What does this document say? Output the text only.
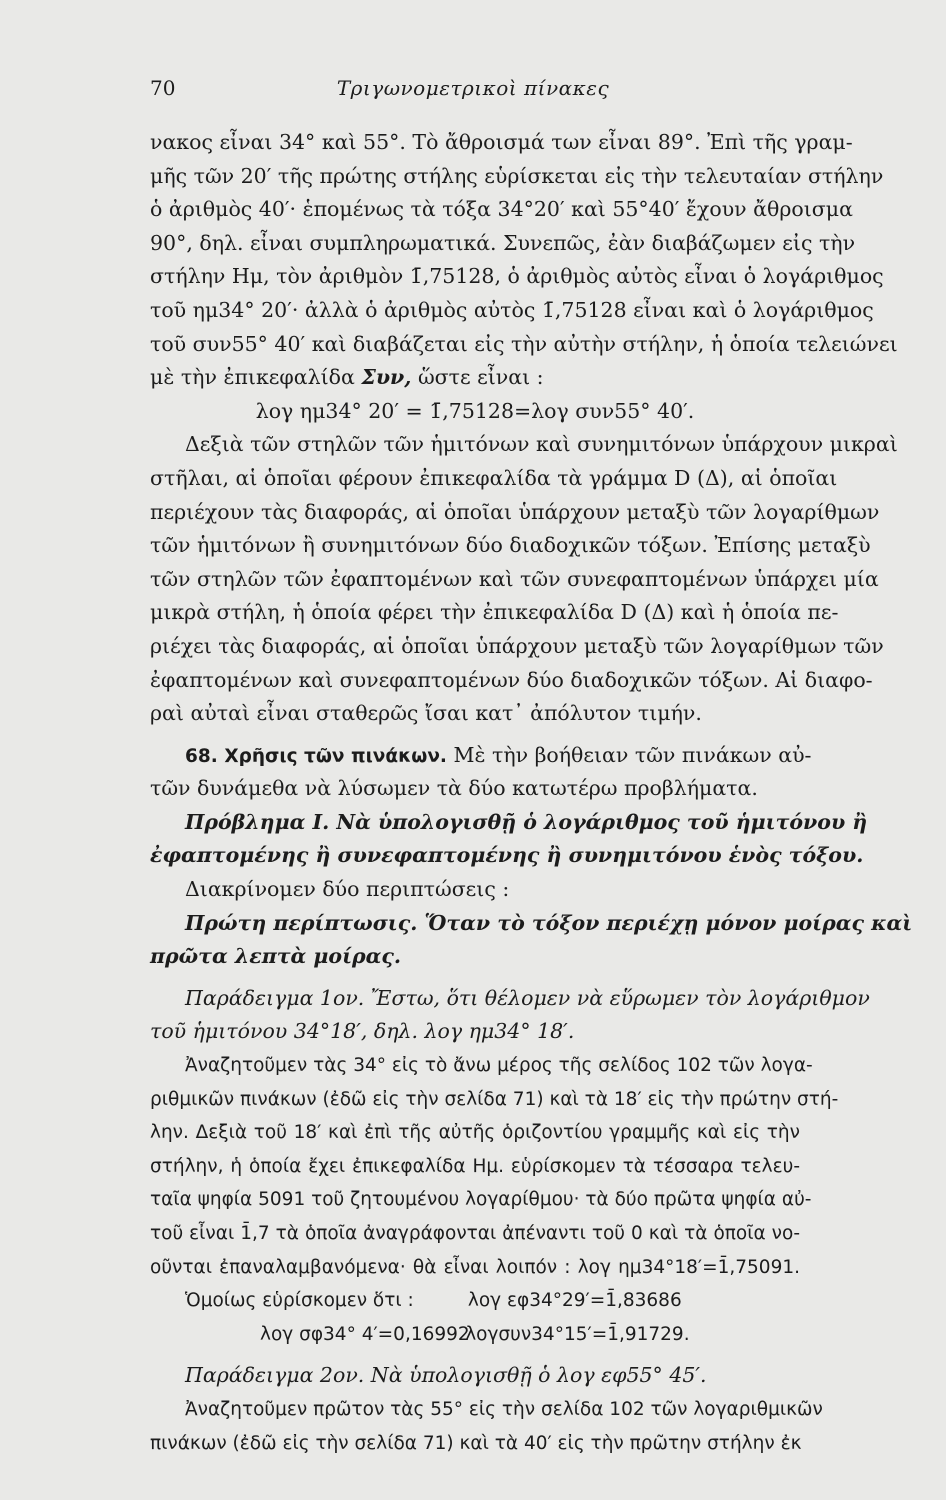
70	Τριγωνομετρικοὶ πίνακες
νακος εἶναι 34° καὶ 55°. Τὸ ἄθροισμά των εἶναι 89°. Ἐπὶ τῆς γραμ-
μῆς τῶν 20′ τῆς πρώτης στήλης εὑρίσκεται εἰς τὴν τελευταίαν στήλην
ὁ ἀριθμὸς 40′· ἑπομένως τὰ τόξα 34°20′ καὶ 55°40′ ἔχουν ἄθροισμα
90°, δηλ. εἶναι συμπληρωματικά. Συνεπῶς, ἐὰν διαβάζωμεν εἰς τὴν
στήλην Ημ, τὸν ἀριθμὸν 1̄,75128, ὁ ἀριθμὸς αὐτὸς εἶναι ὁ λογάριθμος
τοῦ ημ34° 20′· ἀλλὰ ὁ ἀριθμὸς αὐτὸς 1̄,75128 εἶναι καὶ ὁ λογάριθμος
τοῦ συν55° 40′ καὶ διαβάζεται εἰς τὴν αὐτὴν στήλην, ἡ ὁποία τελειώνει
μὲ τὴν ἐπικεφαλίδα Συν, ὥστε εἶναι :
λογ ημ34° 20′ = 1̄,75128=λογ συν55° 40′.
Δεξιὰ τῶν στηλῶν τῶν ἡμιτόνων καὶ συνημιτόνων ὑπάρχουν μικραὶ
στῆλαι, αἱ ὁποῖαι φέρουν ἐπικεφαλίδα τὰ γράμμα D (Δ), αἱ ὁποῖαι
περιέχουν τὰς διαφοράς, αἱ ὁποῖαι ὑπάρχουν μεταξὺ τῶν λογαρίθμων
τῶν ἡμιτόνων ἢ συνημιτόνων δύο διαδοχικῶν τόξων. Ἐπίσης μεταξὺ
τῶν στηλῶν τῶν ἐφαπτομένων καὶ τῶν συνεφαπτομένων ὑπάρχει μία
μικρὰ στήλη, ἡ ὁποία φέρει τὴν ἐπικεφαλίδα D (Δ) καὶ ἡ ὁποία πε-
ριέχει τὰς διαφοράς, αἱ ὁποῖαι ὑπάρχουν μεταξὺ τῶν λογαρίθμων τῶν
ἐφαπτομένων καὶ συνεφαπτομένων δύο διαδοχικῶν τόξων. Αἱ διαφο-
ραὶ αὐταὶ εἶναι σταθερῶς ἴσαι κατ᾽ ἀπόλυτον τιμήν.
68. Χρῆσις τῶν πινάκων. Μὲ τὴν βοήθειαν τῶν πινάκων αὐ-
τῶν δυνάμεθα νὰ λύσωμεν τὰ δύο κατωτέρω προβλήματα.
Πρόβλημα Ι. Νὰ ὑπολογισθῇ ὁ λογάριθμος τοῦ ἡμιτόνου ἢ
ἐφαπτομένης ἢ συνεφαπτομένης ἢ συνημιτόνου ἑνὸς τόξου.
Διακρίνομεν δύο περιπτώσεις :
Πρώτη περίπτωσις. Ὅταν τὸ τόξον περιέχῃ μόνον μοίρας καὶ
πρῶτα λεπτὰ μοίρας.
Παράδειγμα 1ον. Ἔστω, ὅτι θέλομεν νὰ εὕρωμεν τὸν λογάριθμον
τοῦ ἡμιτόνου 34°18′, δηλ. λογ ημ34° 18′.
Ἀναζητοῦμεν τὰς 34° εἰς τὸ ἄνω μέρος τῆς σελίδος 102 τῶν λογα-
ριθμικῶν πινάκων (ἐδῶ εἰς τὴν σελίδα 71) καὶ τὰ 18′ εἰς τὴν πρώτην στή-
λην. Δεξιὰ τοῦ 18′ καὶ ἐπὶ τῆς αὐτῆς ὁριζοντίου γραμμῆς καὶ εἰς τὴν
στήλην, ἡ ὁποία ἔχει ἐπικεφαλίδα Ημ. εὑρίσκομεν τὰ τέσσαρα τελευ-
ταῖα ψηφία 5091 τοῦ ζητουμένου λογαρίθμου· τὰ δύο πρῶτα ψηφία αὐ-
τοῦ εἶναι 1̄,7 τὰ ὁποῖα ἀναγράφονται ἀπέναντι τοῦ 0 καὶ τὰ ὁποῖα νο-
οῦνται ἐπαναλαμβανόμενα· θὰ εἶναι λοιπόν : λογ ημ34°18′=1̄,75091.
Ὁμοίως εὑρίσκομεν ὅτι :	λογ εφ34°29′=1̄,83686
λογ σφ34° 4′=0,16992λογσυν34°15′=1̄,91729.
Παράδειγμα 2ον. Νὰ ὑπολογισθῇ ὁ λογ εφ55° 45′.
Ἀναζητοῦμεν πρῶτον τὰς 55° εἰς τὴν σελίδα 102 τῶν λογαριθμικῶν
πινάκων (ἐδῶ εἰς τὴν σελίδα 71) καὶ τὰ 40′ εἰς τὴν πρῶτην στήλην ἐκ
